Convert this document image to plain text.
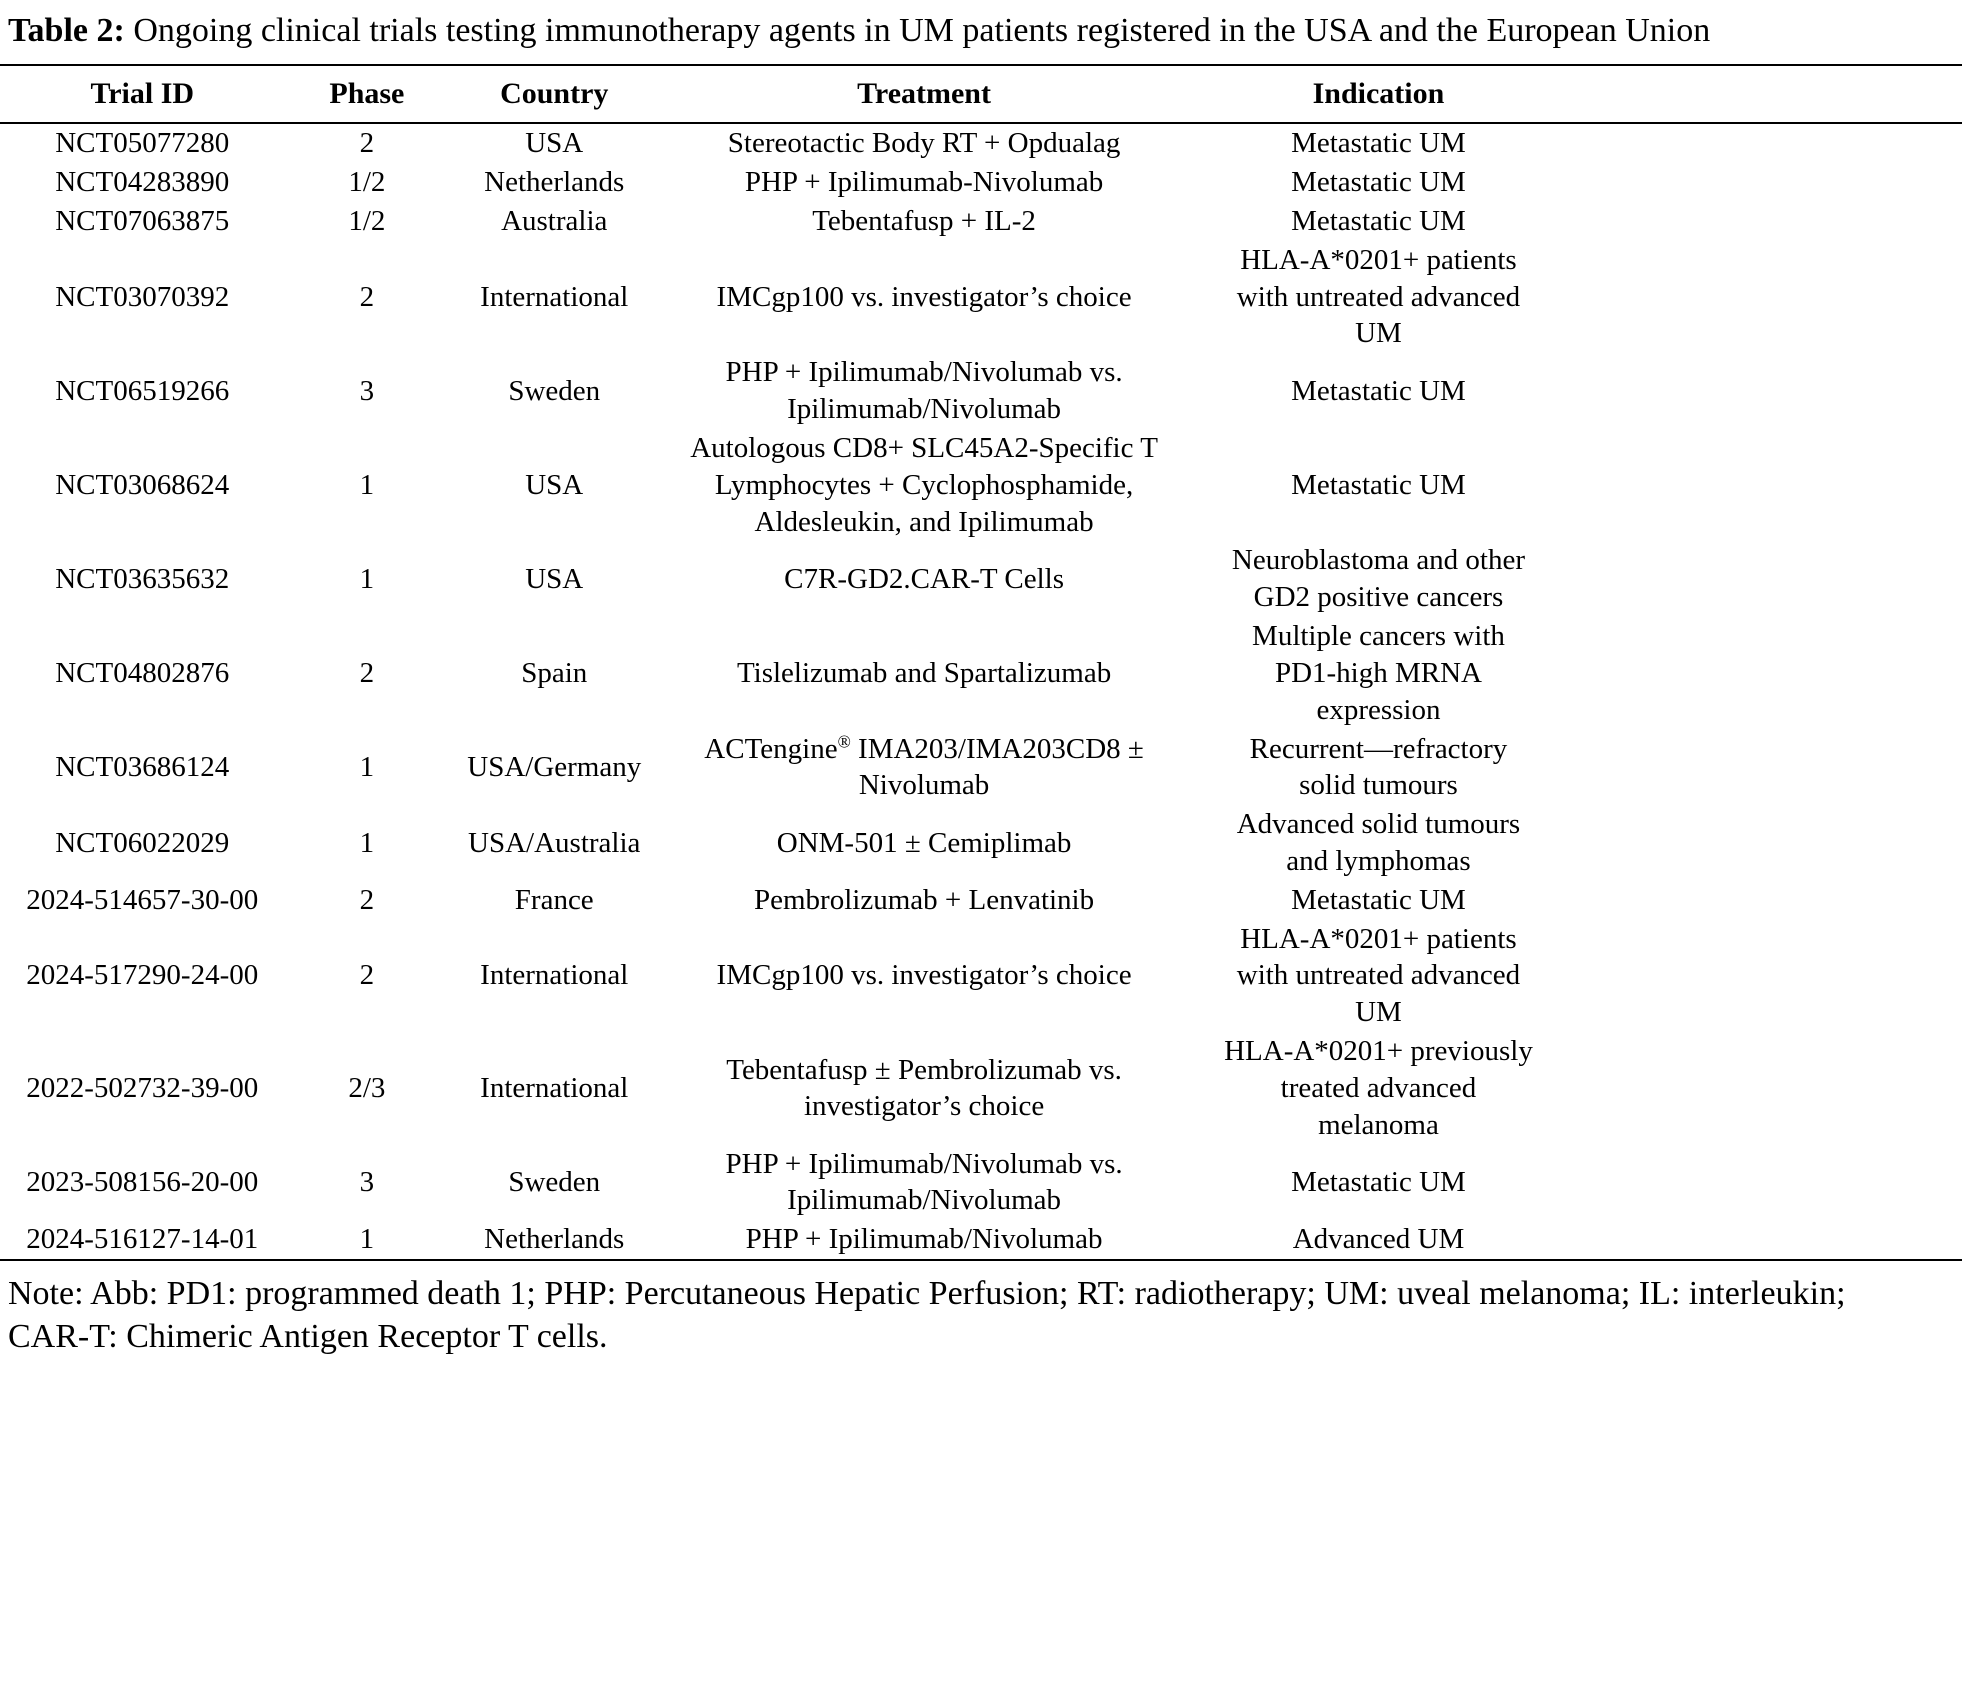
Table 2: Ongoing clinical trials testing immunotherapy agents in UM patients registered in the USA and the European Union

Trial ID	Phase	Country	Treatment	Indication
NCT05077280	2	USA	Stereotactic Body RT + Opdualag	Metastatic UM
NCT04283890	1/2	Netherlands	PHP + Ipilimumab-Nivolumab	Metastatic UM
NCT07063875	1/2	Australia	Tebentafusp + IL-2	Metastatic UM
NCT03070392	2	International	IMCgp100 vs. investigator’s choice	HLA-A*0201+ patients with untreated advanced UM
NCT06519266	3	Sweden	PHP + Ipilimumab/Nivolumab vs. Ipilimumab/Nivolumab	Metastatic UM
NCT03068624	1	USA	Autologous CD8+ SLC45A2-Specific T Lymphocytes + Cyclophosphamide, Aldesleukin, and Ipilimumab	Metastatic UM
NCT03635632	1	USA	C7R-GD2.CAR-T Cells	Neuroblastoma and other GD2 positive cancers
NCT04802876	2	Spain	Tislelizumab and Spartalizumab	Multiple cancers with PD1-high MRNA expression
NCT03686124	1	USA/Germany	ACTengine® IMA203/IMA203CD8 ± Nivolumab	Recurrent—refractory solid tumours
NCT06022029	1	USA/Australia	ONM-501 ± Cemiplimab	Advanced solid tumours and lymphomas
2024-514657-30-00	2	France	Pembrolizumab + Lenvatinib	Metastatic UM
2024-517290-24-00	2	International	IMCgp100 vs. investigator’s choice	HLA-A*0201+ patients with untreated advanced UM
2022-502732-39-00	2/3	International	Tebentafusp ± Pembrolizumab vs. investigator’s choice	HLA-A*0201+ previously treated advanced melanoma
2023-508156-20-00	3	Sweden	PHP + Ipilimumab/Nivolumab vs. Ipilimumab/Nivolumab	Metastatic UM
2024-516127-14-01	1	Netherlands	PHP + Ipilimumab/Nivolumab	Advanced UM

Note: Abb: PD1: programmed death 1; PHP: Percutaneous Hepatic Perfusion; RT: radiotherapy; UM: uveal melanoma; IL: interleukin; CAR-T: Chimeric Antigen Receptor T cells.
